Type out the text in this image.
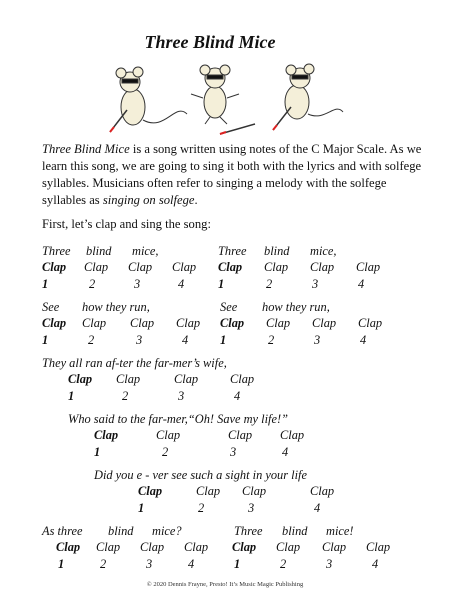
Three Blind Mice
Three Blind Mice is a song written using notes of the C Major Scale. As we learn this song, we are going to sing it both with the lyrics and with solfege syllables. Musicians often refer to singing a melody with the solfege syllables as singing on solfege.
First, let’s clap and sing the song:
Three blind mice,	Three blind mice,
Clap Clap Clap Clap Clap Clap Clap Clap
1	2	3	4	1	2	3	4
See how they run,	See how they run,
Clap Clap Clap Clap Clap Clap Clap Clap
1	2	3	4	1	2	3	4
They all ran af-ter the far-mer’s wife,
Clap Clap	Clap	Clap
1	2	3	4
Who said to the far-mer,“Oh! Save my life!”
Clap	Clap	Clap Clap
1	2	3	4
Did you e - ver see such a sight in your life
Clap	Clap Clap	Clap
1	2	3	4
As three blind mice?	Three blind mice!
Clap Clap Clap Clap Clap Clap Clap Clap
1	2	3	4	1	2	3	4
© 2020 Dennis Frayne, Presto! It’s Music Magic Publishing
